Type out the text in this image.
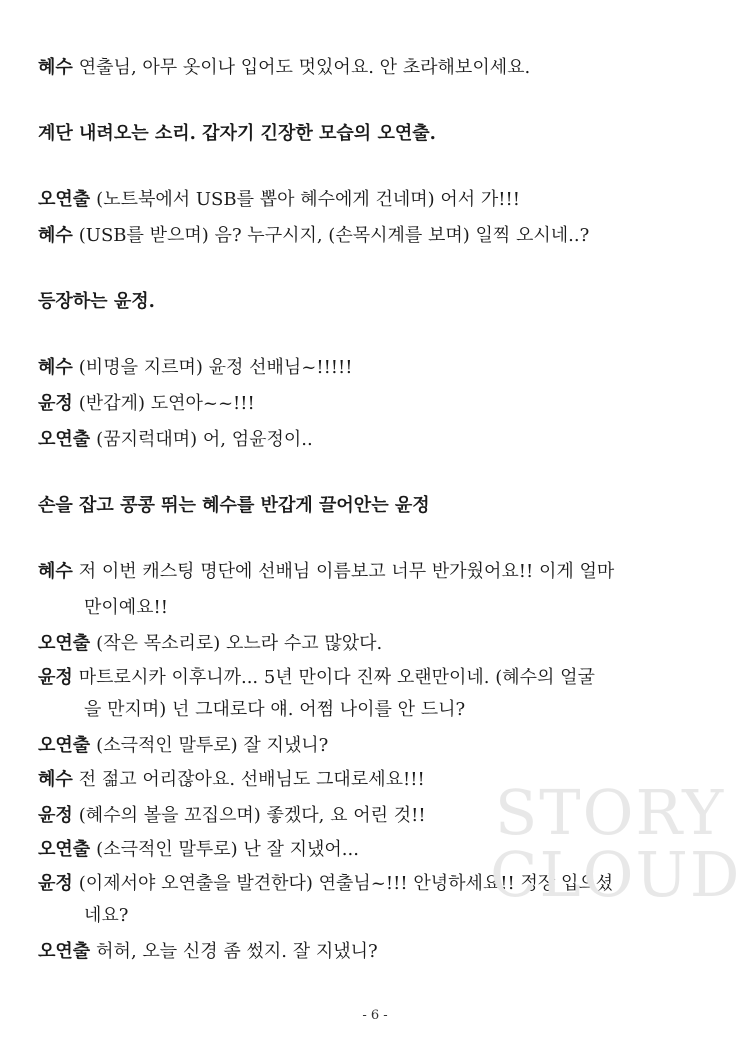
혜수 연출님, 아무 옷이나 입어도 멋있어요. 안 초라해보이세요.
계단 내려오는 소리. 갑자기 긴장한 모습의 오연출.
오연출 (노트북에서 USB를 뽑아 혜수에게 건네며) 어서 가!!!
혜수 (USB를 받으며) 음? 누구시지, (손목시계를 보며) 일찍 오시네..?
등장하는 윤정.
혜수 (비명을 지르며) 윤정 선배님~!!!!!
윤정 (반갑게) 도연아~~!!!
오연출 (꿈지럭대며) 어, 엄윤정이..
손을 잡고 콩콩 뛰는 혜수를 반갑게 끌어안는 윤정
혜수 저 이번 캐스팅 명단에 선배님 이름보고 너무 반가웠어요!! 이게 얼마
만이예요!!
오연출 (작은 목소리로) 오느라 수고 많았다.
윤정 마트로시카 이후니까... 5년 만이다 진짜 오랜만이네. (혜수의 얼굴
을 만지며) 넌 그대로다 얘. 어쩜 나이를 안 드니?
오연출 (소극적인 말투로) 잘 지냈니?
혜수 전 젊고 어리잖아요. 선배님도 그대로세요!!!
윤정 (혜수의 볼을 꼬집으며) 좋겠다, 요 어린 것!!
오연출 (소극적인 말투로) 난 잘 지냈어...
윤정 (이제서야 오연출을 발견한다) 연출님~!!! 안녕하세요!! 정장 입으셨
네요?
오연출 허허, 오늘 신경 좀 썼지. 잘 지냈니?
STORY
CLOUD
- 6 -
